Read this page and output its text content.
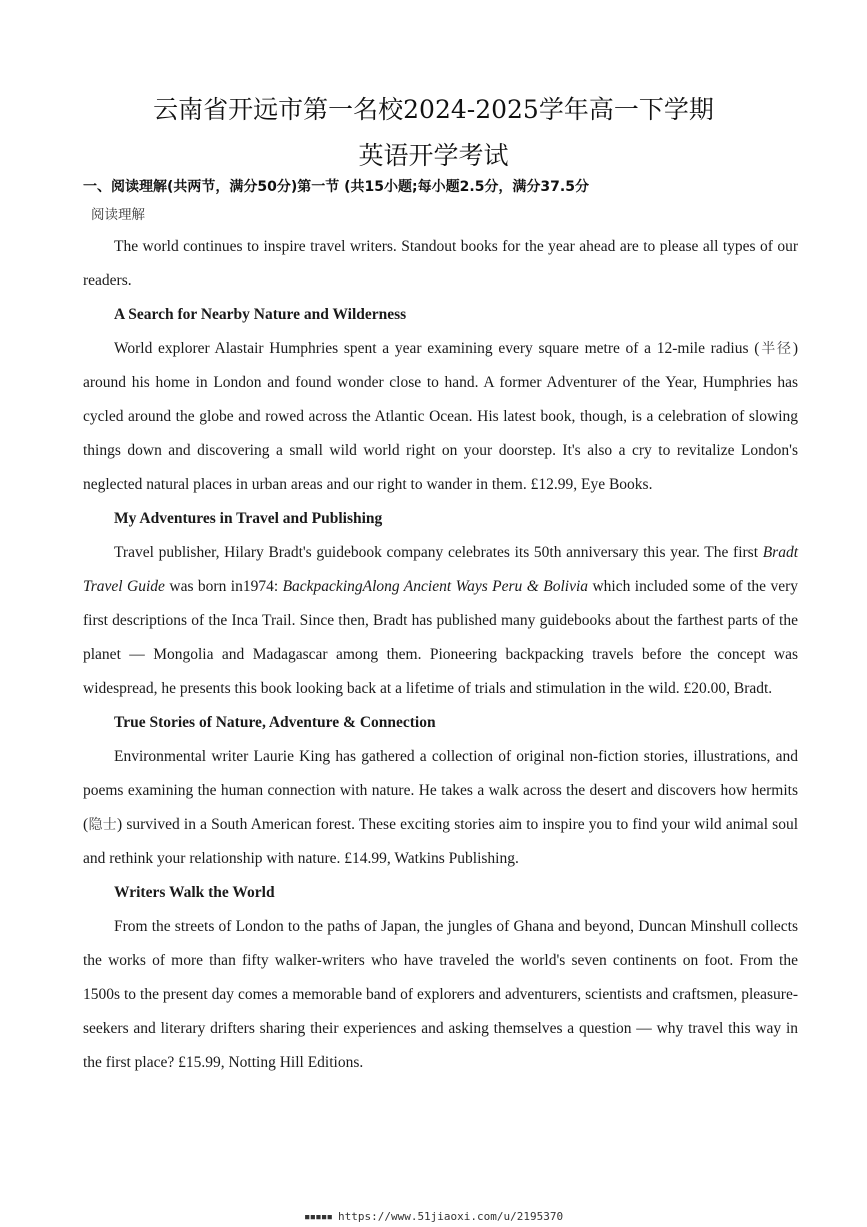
云南省开远市第一名校2024-2025学年高一下学期
英语开学考试
一、阅读理解(共两节，满分50分)第一节 (共15小题;每小题2.5分，满分37.5分
阅读理解

The world continues to inspire travel writers. Standout books for the year ahead are to please all types of our readers.

A Search for Nearby Nature and Wilderness

World explorer Alastair Humphries spent a year examining every square metre of a 12-mile radius (半径) around his home in London and found wonder close to hand. A former Adventurer of the Year, Humphries has cycled around the globe and rowed across the Atlantic Ocean. His latest book, though, is a celebration of slowing things down and discovering a small wild world right on your doorstep. It's also a cry to revitalize London's neglected natural places in urban areas and our right to wander in them. £12.99, Eye Books.

My Adventures in Travel and Publishing

Travel publisher, Hilary Bradt's guidebook company celebrates its 50th anniversary this year. The first Bradt Travel Guide was born in1974: BackpackingAlong Ancient Ways Peru & Bolivia which included some of the very first descriptions of the Inca Trail. Since then, Bradt has published many guidebooks about the farthest parts of the planet — Mongolia and Madagascar among them. Pioneering backpacking travels before the concept was widespread, he presents this book looking back at a lifetime of trials and stimulation in the wild. £20.00, Bradt.

True Stories of Nature, Adventure & Connection

Environmental writer Laurie King has gathered a collection of original non-fiction stories, illustrations, and poems examining the human connection with nature. He takes a walk across the desert and discovers how hermits (隐士) survived in a South American forest. These exciting stories aim to inspire you to find your wild animal soul and rethink your relationship with nature. £14.99, Watkins Publishing.

Writers Walk the World

From the streets of London to the paths of Japan, the jungles of Ghana and beyond, Duncan Minshull collects the works of more than fifty walker-writers who have traveled the world's seven continents on foot. From the 1500s to the present day comes a memorable band of explorers and adventurers, scientists and craftsmen, pleasure-seekers and literary drifters sharing their experiences and asking themselves a question — why travel this way in the first place? £15.99, Notting Hill Editions.

▪▪▪▪▪ https://www.51jiaoxi.com/u/2195370
